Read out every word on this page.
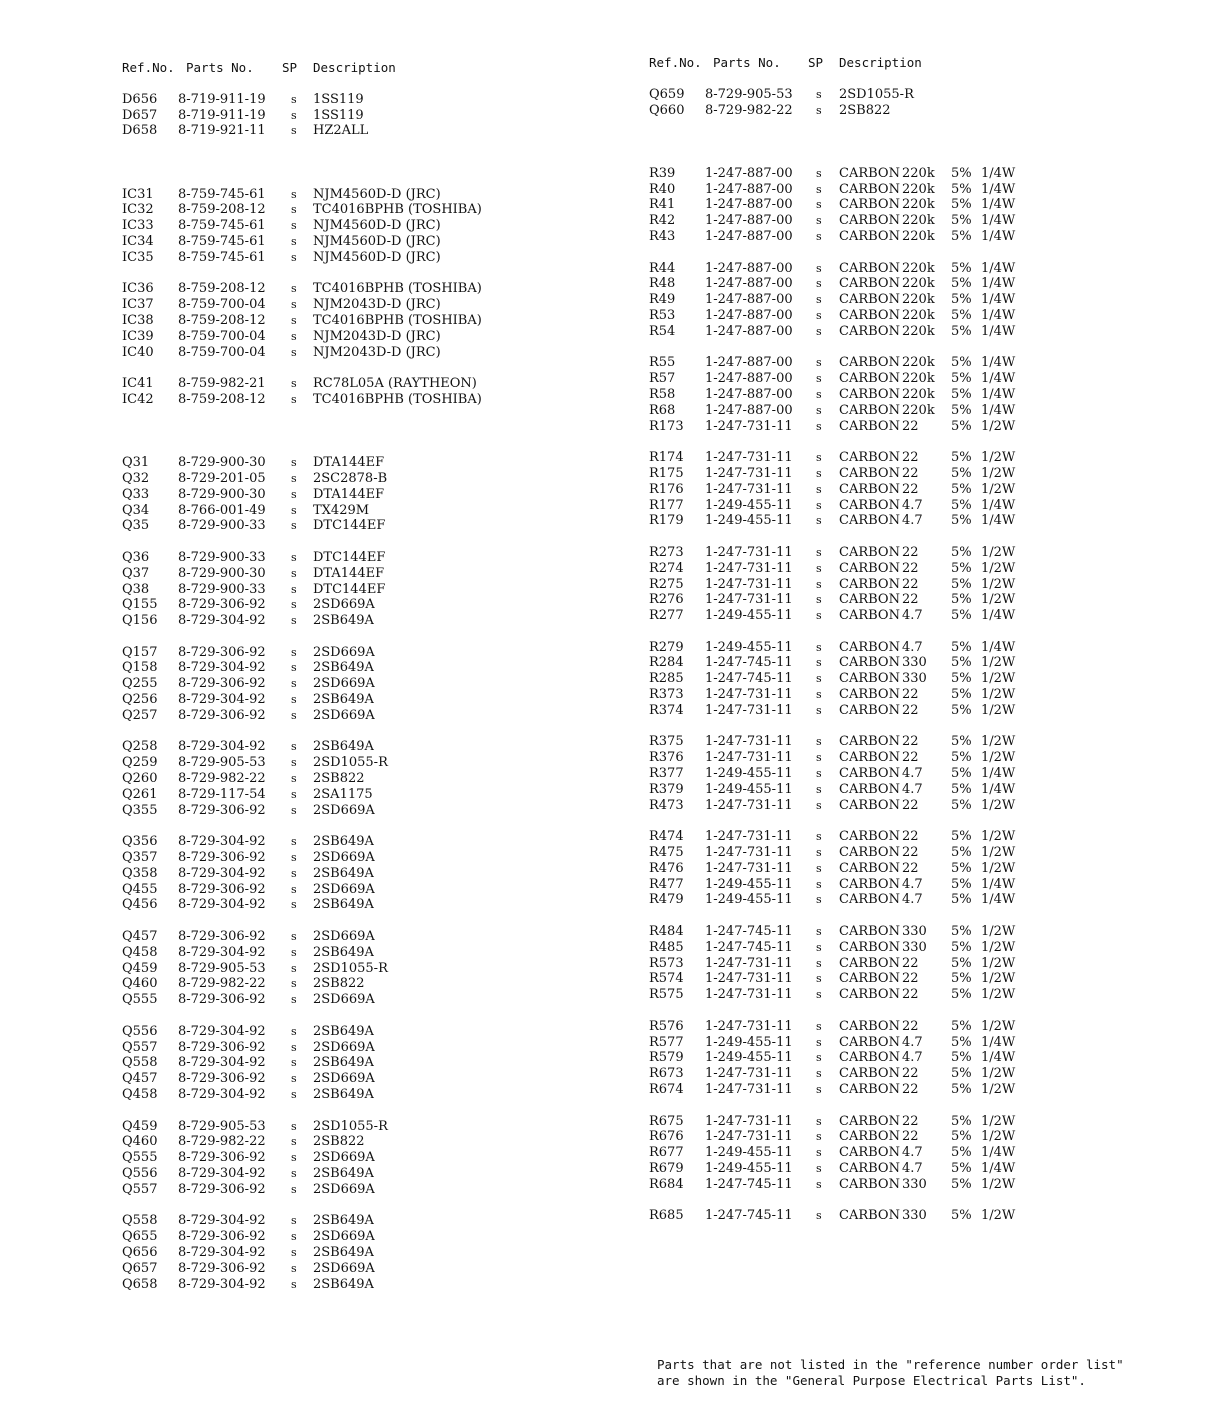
Ref.No. Parts No. SP Description
D656 8-719-911-19 s 1SS119
D657 8-719-911-19 s 1SS119
D658 8-719-921-11 s HZ2ALL
IC31 8-759-745-61 s NJM4560D-D (JRC)
IC32 8-759-208-12 s TC4016BPHB (TOSHIBA)
IC33 8-759-745-61 s NJM4560D-D (JRC)
IC34 8-759-745-61 s NJM4560D-D (JRC)
IC35 8-759-745-61 s NJM4560D-D (JRC)
IC36 8-759-208-12 s TC4016BPHB (TOSHIBA)
IC37 8-759-700-04 s NJM2043D-D (JRC)
IC38 8-759-208-12 s TC4016BPHB (TOSHIBA)
IC39 8-759-700-04 s NJM2043D-D (JRC)
IC40 8-759-700-04 s NJM2043D-D (JRC)
IC41 8-759-982-21 s RC78L05A (RAYTHEON)
IC42 8-759-208-12 s TC4016BPHB (TOSHIBA)
Q31 8-729-900-30 s DTA144EF
Q32 8-729-201-05 s 2SC2878-B
Q33 8-729-900-30 s DTA144EF
Q34 8-766-001-49 s TX429M
Q35 8-729-900-33 s DTC144EF
Q36 8-729-900-33 s DTC144EF
Q37 8-729-900-30 s DTA144EF
Q38 8-729-900-33 s DTC144EF
Q155 8-729-306-92 s 2SD669A
Q156 8-729-304-92 s 2SB649A
Q157 8-729-306-92 s 2SD669A
Q158 8-729-304-92 s 2SB649A
Q255 8-729-306-92 s 2SD669A
Q256 8-729-304-92 s 2SB649A
Q257 8-729-306-92 s 2SD669A
Q258 8-729-304-92 s 2SB649A
Q259 8-729-905-53 s 2SD1055-R
Q260 8-729-982-22 s 2SB822
Q261 8-729-117-54 s 2SA1175
Q355 8-729-306-92 s 2SD669A
Q356 8-729-304-92 s 2SB649A
Q357 8-729-306-92 s 2SD669A
Q358 8-729-304-92 s 2SB649A
Q455 8-729-306-92 s 2SD669A
Q456 8-729-304-92 s 2SB649A
Q457 8-729-306-92 s 2SD669A
Q458 8-729-304-92 s 2SB649A
Q459 8-729-905-53 s 2SD1055-R
Q460 8-729-982-22 s 2SB822
Q555 8-729-306-92 s 2SD669A
Q556 8-729-304-92 s 2SB649A
Q557 8-729-306-92 s 2SD669A
Q558 8-729-304-92 s 2SB649A
Q457 8-729-306-92 s 2SD669A
Q458 8-729-304-92 s 2SB649A
Q459 8-729-905-53 s 2SD1055-R
Q460 8-729-982-22 s 2SB822
Q555 8-729-306-92 s 2SD669A
Q556 8-729-304-92 s 2SB649A
Q557 8-729-306-92 s 2SD669A
Q558 8-729-304-92 s 2SB649A
Q655 8-729-306-92 s 2SD669A
Q656 8-729-304-92 s 2SB649A
Q657 8-729-306-92 s 2SD669A
Q658 8-729-304-92 s 2SB649A
Ref.No. Parts No. SP Description
Q659 8-729-905-53 s 2SD1055-R
Q660 8-729-982-22 s 2SB822
R39 1-247-887-00 s CARBON 220k 5% 1/4W
R40 1-247-887-00 s CARBON 220k 5% 1/4W
R41 1-247-887-00 s CARBON 220k 5% 1/4W
R42 1-247-887-00 s CARBON 220k 5% 1/4W
R43 1-247-887-00 s CARBON 220k 5% 1/4W
R44 1-247-887-00 s CARBON 220k 5% 1/4W
R48 1-247-887-00 s CARBON 220k 5% 1/4W
R49 1-247-887-00 s CARBON 220k 5% 1/4W
R53 1-247-887-00 s CARBON 220k 5% 1/4W
R54 1-247-887-00 s CARBON 220k 5% 1/4W
R55 1-247-887-00 s CARBON 220k 5% 1/4W
R57 1-247-887-00 s CARBON 220k 5% 1/4W
R58 1-247-887-00 s CARBON 220k 5% 1/4W
R68 1-247-887-00 s CARBON 220k 5% 1/4W
R173 1-247-731-11 s CARBON 22 5% 1/2W
R174 1-247-731-11 s CARBON 22 5% 1/2W
R175 1-247-731-11 s CARBON 22 5% 1/2W
R176 1-247-731-11 s CARBON 22 5% 1/2W
R177 1-249-455-11 s CARBON 4.7 5% 1/4W
R179 1-249-455-11 s CARBON 4.7 5% 1/4W
R273 1-247-731-11 s CARBON 22 5% 1/2W
R274 1-247-731-11 s CARBON 22 5% 1/2W
R275 1-247-731-11 s CARBON 22 5% 1/2W
R276 1-247-731-11 s CARBON 22 5% 1/2W
R277 1-249-455-11 s CARBON 4.7 5% 1/4W
R279 1-249-455-11 s CARBON 4.7 5% 1/4W
R284 1-247-745-11 s CARBON 330 5% 1/2W
R285 1-247-745-11 s CARBON 330 5% 1/2W
R373 1-247-731-11 s CARBON 22 5% 1/2W
R374 1-247-731-11 s CARBON 22 5% 1/2W
R375 1-247-731-11 s CARBON 22 5% 1/2W
R376 1-247-731-11 s CARBON 22 5% 1/2W
R377 1-249-455-11 s CARBON 4.7 5% 1/4W
R379 1-249-455-11 s CARBON 4.7 5% 1/4W
R473 1-247-731-11 s CARBON 22 5% 1/2W
R474 1-247-731-11 s CARBON 22 5% 1/2W
R475 1-247-731-11 s CARBON 22 5% 1/2W
R476 1-247-731-11 s CARBON 22 5% 1/2W
R477 1-249-455-11 s CARBON 4.7 5% 1/4W
R479 1-249-455-11 s CARBON 4.7 5% 1/4W
R484 1-247-745-11 s CARBON 330 5% 1/2W
R485 1-247-745-11 s CARBON 330 5% 1/2W
R573 1-247-731-11 s CARBON 22 5% 1/2W
R574 1-247-731-11 s CARBON 22 5% 1/2W
R575 1-247-731-11 s CARBON 22 5% 1/2W
R576 1-247-731-11 s CARBON 22 5% 1/2W
R577 1-249-455-11 s CARBON 4.7 5% 1/4W
R579 1-249-455-11 s CARBON 4.7 5% 1/4W
R673 1-247-731-11 s CARBON 22 5% 1/2W
R674 1-247-731-11 s CARBON 22 5% 1/2W
R675 1-247-731-11 s CARBON 22 5% 1/2W
R676 1-247-731-11 s CARBON 22 5% 1/2W
R677 1-249-455-11 s CARBON 4.7 5% 1/4W
R679 1-249-455-11 s CARBON 4.7 5% 1/4W
R684 1-247-745-11 s CARBON 330 5% 1/2W
R685 1-247-745-11 s CARBON 330 5% 1/2W
Parts that are not listed in the "reference number order list"
are shown in the "General Purpose Electrical Parts List".
